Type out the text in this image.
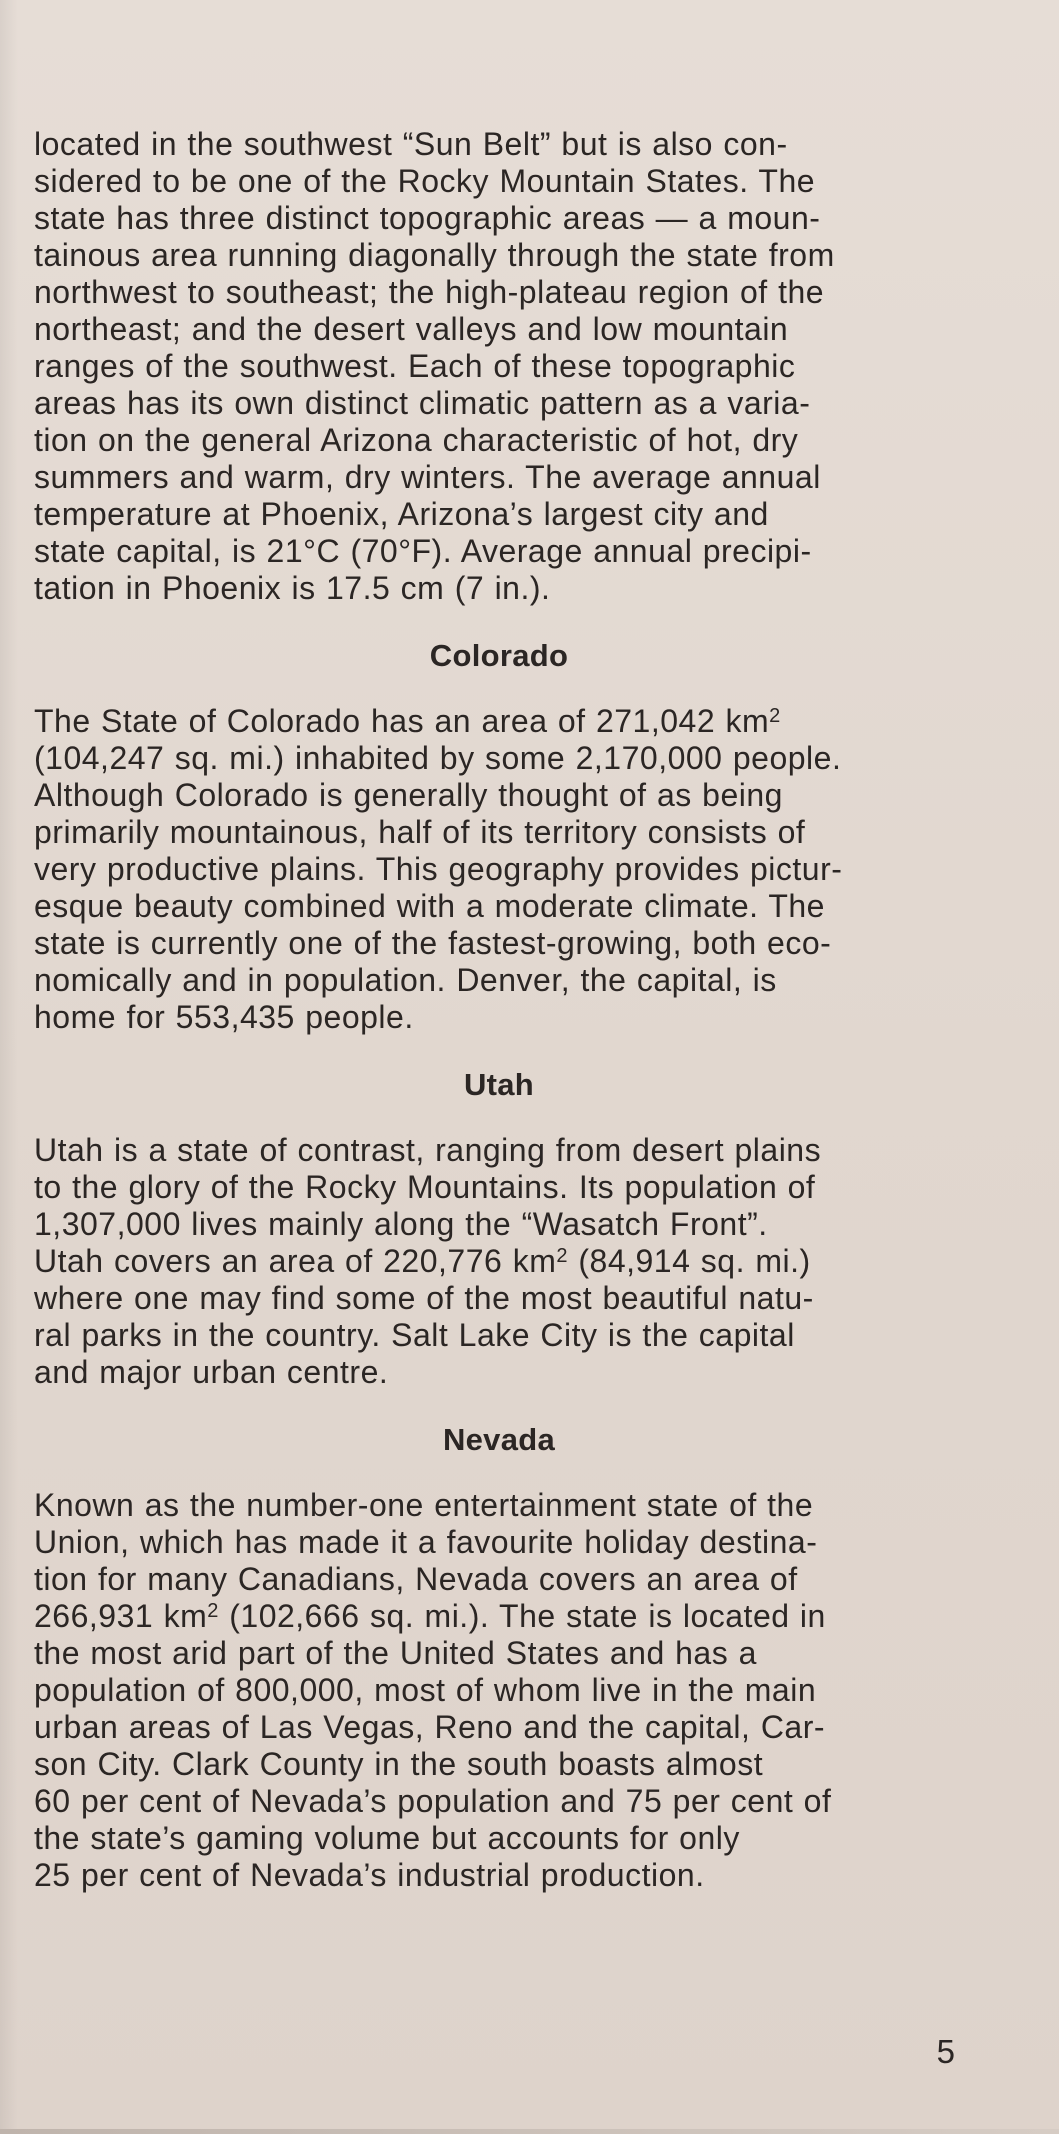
located in the southwest “Sun Belt” but is also con-
sidered to be one of the Rocky Mountain States. The
state has three distinct topographic areas — a moun-
tainous area running diagonally through the state from
northwest to southeast; the high-plateau region of the
northeast; and the desert valleys and low mountain
ranges of the southwest. Each of these topographic
areas has its own distinct climatic pattern as a varia-
tion on the general Arizona characteristic of hot, dry
summers and warm, dry winters. The average annual
temperature at Phoenix, Arizona’s largest city and
state capital, is 21°C (70°F). Average annual precipi-
tation in Phoenix is 17.5 cm (7 in.).

Colorado

The State of Colorado has an area of 271,042 $km^2$
(104,247 sq. mi.) inhabited by some 2,170,000 people.
Although Colorado is generally thought of as being
primarily mountainous, half of its territory consists of
very productive plains. This geography provides pictur-
esque beauty combined with a moderate climate. The
state is currently one of the fastest-growing, both eco-
nomically and in population. Denver, the capital, is
home for 553,435 people.

Utah

Utah is a state of contrast, ranging from desert plains
to the glory of the Rocky Mountains. Its population of
1,307,000 lives mainly along the “Wasatch Front”.
Utah covers an area of 220,776 $km^2$ (84,914 sq. mi.)
where one may find some of the most beautiful natu-
ral parks in the country. Salt Lake City is the capital
and major urban centre.

Nevada

Known as the number-one entertainment state of the
Union, which has made it a favourite holiday destina-
tion for many Canadians, Nevada covers an area of
266,931 $km^2$ (102,666 sq. mi.). The state is located in
the most arid part of the United States and has a
population of 800,000, most of whom live in the main
urban areas of Las Vegas, Reno and the capital, Car-
son City. Clark County in the south boasts almost
60 per cent of Nevada’s population and 75 per cent of
the state’s gaming volume but accounts for only
25 per cent of Nevada’s industrial production.

5
